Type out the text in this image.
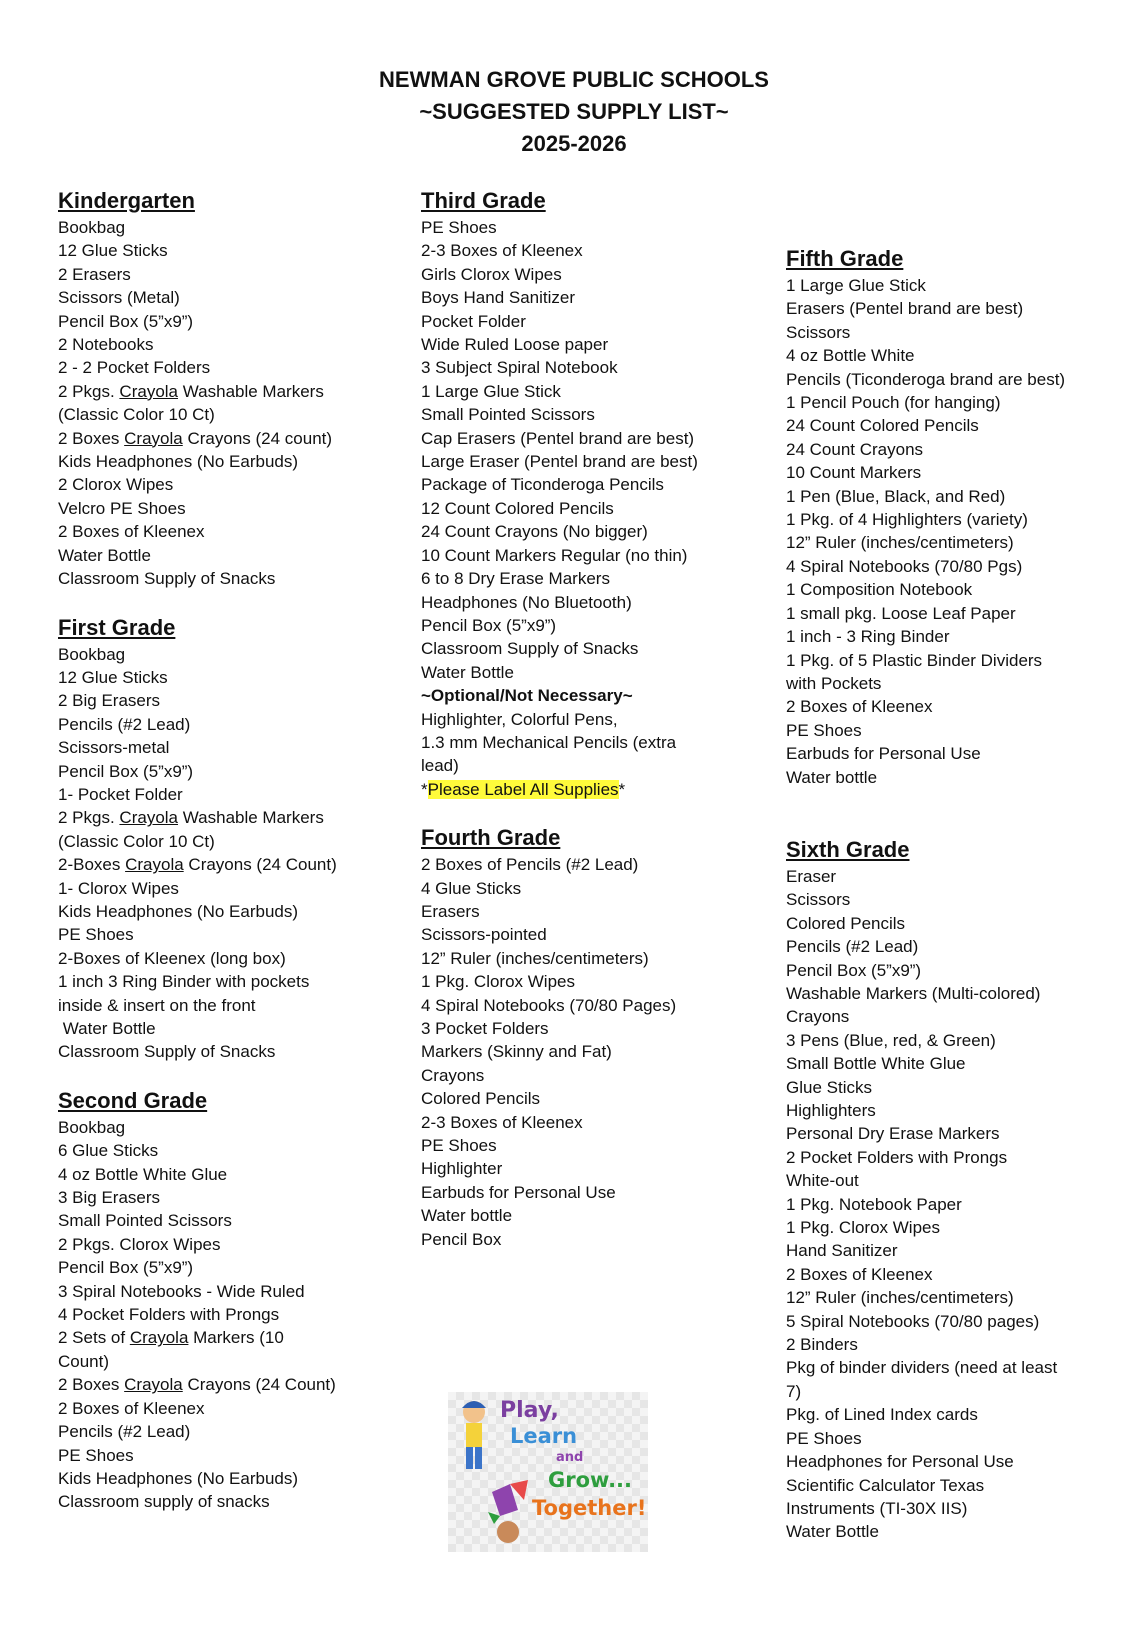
NEWMAN GROVE PUBLIC SCHOOLS
~SUGGESTED SUPPLY LIST~
2025-2026
Kindergarten
Bookbag
12 Glue Sticks
2 Erasers
Scissors (Metal)
Pencil Box (5”x9”)
2 Notebooks
2 - 2 Pocket Folders
2 Pkgs. Crayola Washable Markers
(Classic Color 10 Ct)
2 Boxes Crayola Crayons (24 count)
Kids Headphones (No Earbuds)
2 Clorox Wipes
Velcro PE Shoes
2 Boxes of Kleenex
Water Bottle
Classroom Supply of Snacks
First Grade
Bookbag
12 Glue Sticks
2 Big Erasers
Pencils (#2 Lead)
Scissors-metal
Pencil Box (5”x9”)
1- Pocket Folder
2 Pkgs. Crayola Washable Markers
(Classic Color 10 Ct)
2-Boxes Crayola Crayons (24 Count)
1- Clorox Wipes
Kids Headphones (No Earbuds)
PE Shoes
2-Boxes of Kleenex (long box)
1 inch 3 Ring Binder with pockets
inside & insert on the front
Water Bottle
Classroom Supply of Snacks
Second Grade
Bookbag
6 Glue Sticks
4 oz Bottle White Glue
3 Big Erasers
Small Pointed Scissors
2 Pkgs. Clorox Wipes
Pencil Box (5”x9”)
3 Spiral Notebooks - Wide Ruled
4 Pocket Folders with Prongs
2 Sets of Crayola Markers (10
Count)
2 Boxes Crayola Crayons (24 Count)
2 Boxes of Kleenex
Pencils (#2 Lead)
PE Shoes
Kids Headphones (No Earbuds)
Classroom supply of snacks
Third Grade
PE Shoes
2-3 Boxes of Kleenex
Girls Clorox Wipes
Boys Hand Sanitizer
Pocket Folder
Wide Ruled Loose paper
3 Subject Spiral Notebook
1 Large Glue Stick
Small Pointed Scissors
Cap Erasers (Pentel brand are best)
Large Eraser (Pentel brand are best)
Package of Ticonderoga Pencils
12 Count Colored Pencils
24 Count Crayons (No bigger)
10 Count Markers Regular (no thin)
6 to 8 Dry Erase Markers
Headphones (No Bluetooth)
Pencil Box (5”x9”)
Classroom Supply of Snacks
Water Bottle
~Optional/Not Necessary~
Highlighter, Colorful Pens,
1.3 mm Mechanical Pencils (extra
lead)
*Please Label All Supplies*
Fourth Grade
2 Boxes of Pencils (#2 Lead)
4 Glue Sticks
Erasers
Scissors-pointed
12” Ruler (inches/centimeters)
1 Pkg. Clorox Wipes
4 Spiral Notebooks (70/80 Pages)
3 Pocket Folders
Markers (Skinny and Fat)
Crayons
Colored Pencils
2-3 Boxes of Kleenex
PE Shoes
Highlighter
Earbuds for Personal Use
Water bottle
Pencil Box
Fifth Grade
1 Large Glue Stick
Erasers (Pentel brand are best)
Scissors
4 oz Bottle White
Pencils (Ticonderoga brand are best)
1 Pencil Pouch (for hanging)
24 Count Colored Pencils
24 Count Crayons
10 Count Markers
1 Pen (Blue, Black, and Red)
1 Pkg. of 4 Highlighters (variety)
12” Ruler (inches/centimeters)
4 Spiral Notebooks (70/80 Pgs)
1 Composition Notebook
1 small pkg. Loose Leaf Paper
1 inch - 3 Ring Binder
1 Pkg. of 5 Plastic Binder Dividers
with Pockets
2 Boxes of Kleenex
PE Shoes
Earbuds for Personal Use
Water bottle
Sixth Grade
Eraser
Scissors
Colored Pencils
Pencils (#2 Lead)
Pencil Box (5”x9”)
Washable Markers (Multi-colored)
Crayons
3 Pens (Blue, red, & Green)
Small Bottle White Glue
Glue Sticks
Highlighters
Personal Dry Erase Markers
2 Pocket Folders with Prongs
White-out
1 Pkg. Notebook Paper
1 Pkg. Clorox Wipes
Hand Sanitizer
2 Boxes of Kleenex
12” Ruler (inches/centimeters)
5 Spiral Notebooks (70/80 pages)
2 Binders
Pkg of binder dividers (need at least
7)
Pkg. of Lined Index cards
PE Shoes
Headphones for Personal Use
Scientific Calculator Texas
Instruments (TI-30X IIS)
Water Bottle
Play,
Learn
and
Grow...
Together!
